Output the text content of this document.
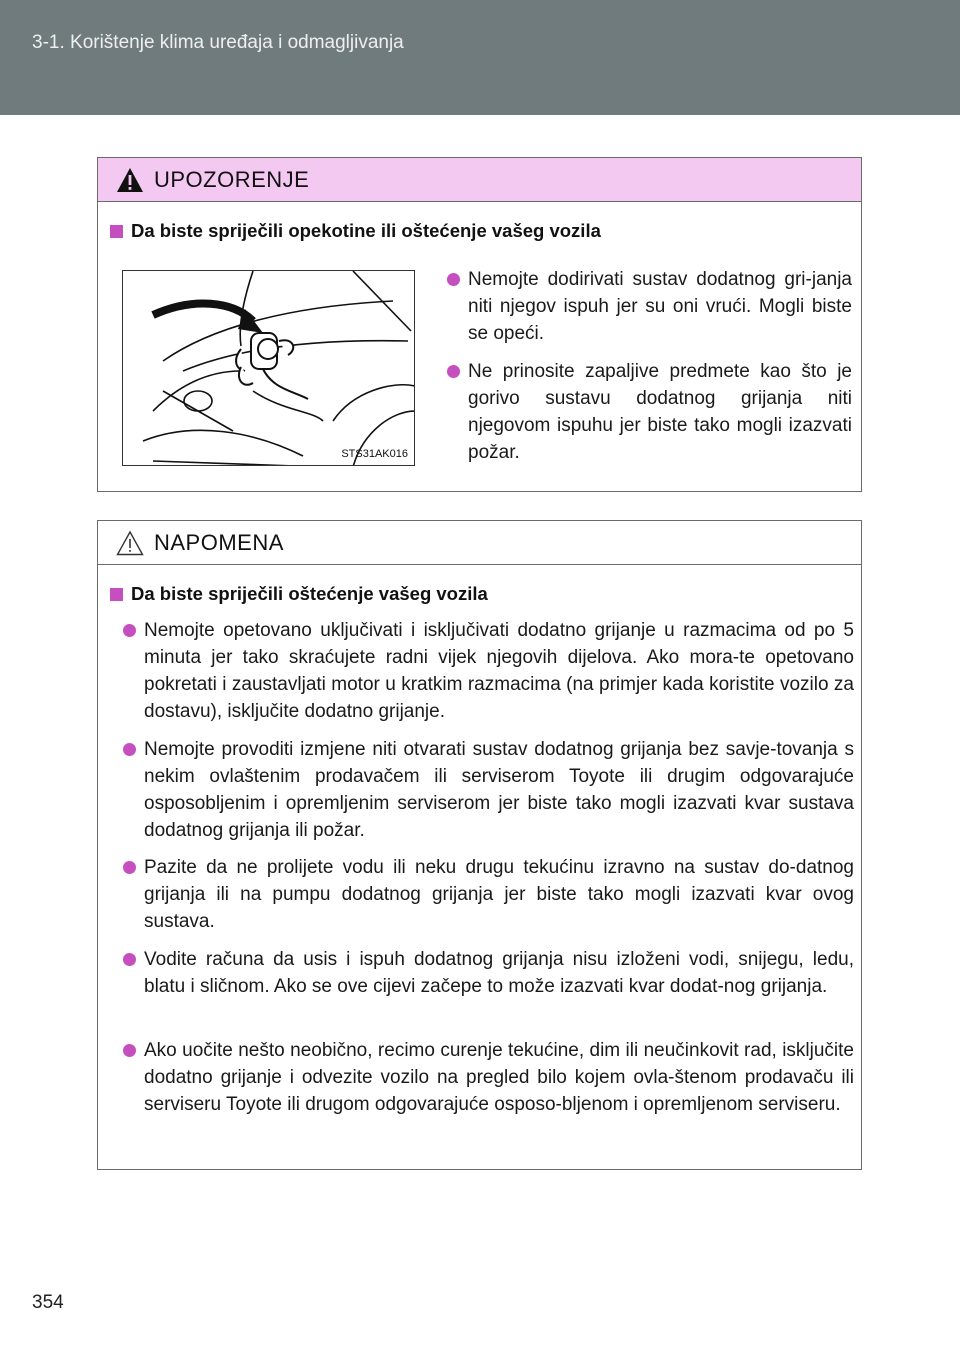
3-1. Korištenje klima uređaja i odmagljivanja
UPOZORENJE
Da biste spriječili opekotine ili oštećenje vašeg vozila
STS31AK016
Nemojte dodirivati sustav dodatnog gri-janja niti njegov ispuh jer su oni vrući. Mogli biste se opeći.
Ne prinosite zapaljive predmete kao što je gorivo sustavu dodatnog grijanja niti njegovom ispuhu jer biste tako mogli izazvati požar.
NAPOMENA
Da biste spriječili oštećenje vašeg vozila
Nemojte opetovano uključivati i isključivati dodatno grijanje u razmacima od po 5 minuta jer tako skraćujete radni vijek njegovih dijelova. Ako mora-te opetovano pokretati i zaustavljati motor u kratkim razmacima (na primjer kada koristite vozilo za dostavu), isključite dodatno grijanje.
Nemojte provoditi izmjene niti otvarati sustav dodatnog grijanja bez savje-tovanja s nekim ovlaštenim prodavačem ili serviserom Toyote ili drugim odgovarajuće osposobljenim i opremljenim serviserom jer biste tako mogli izazvati kvar sustava dodatnog grijanja ili požar.
Pazite da ne prolijete vodu ili neku drugu tekućinu izravno na sustav do-datnog grijanja ili na pumpu dodatnog grijanja jer biste tako mogli izazvati kvar ovog sustava.
Vodite računa da usis i ispuh dodatnog grijanja nisu izloženi vodi, snijegu, ledu, blatu i sličnom. Ako se ove cijevi začepe to može izazvati kvar dodat-nog grijanja.
Ako uočite nešto neobično, recimo curenje tekućine, dim ili neučinkovit rad, isključite dodatno grijanje i odvezite vozilo na pregled bilo kojem ovla-štenom prodavaču ili serviseru Toyote ili drugom odgovarajuće osposo-bljenom i opremljenom serviseru.
354
